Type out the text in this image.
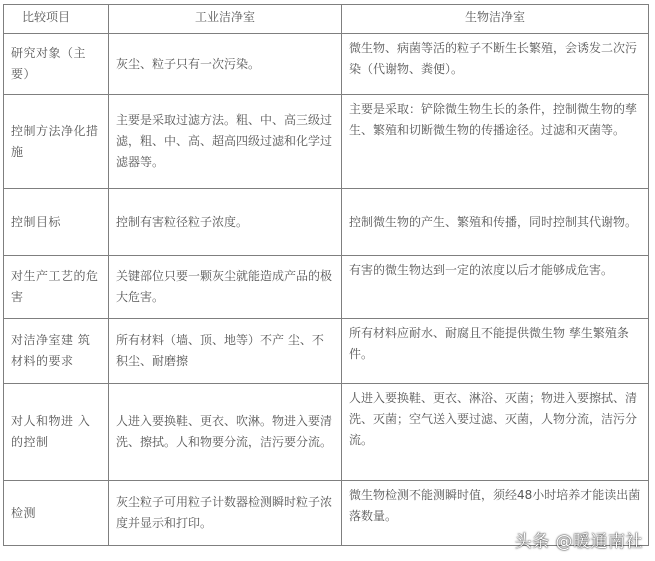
比较项目	工业洁净室	生物洁净室
研究对象（主要）	灰尘、粒子只有一次污染。	微生物、病菌等活的粒子不断生长繁殖，会诱发二次污染（代谢物、粪便）。
控制方法净化措施	主要是采取过滤方法。粗、中、高三级过滤，粗、中、高、超高四级过滤和化学过滤器等。	主要是采取：铲除微生物生长的条件，控制微生物的孳生、繁殖和切断微生物的传播途径。过滤和灭菌等。
控制目标	控制有害粒径粒子浓度。	控制微生物的产生、繁殖和传播，同时控制其代谢物。
对生产工艺的危害	关键部位只要一颗灰尘就能造成产品的极大危害。	有害的微生物达到一定的浓度以后才能够成危害。
对洁净室建 筑材料的要求	所有材料（墙、顶、地等）不产 尘、不积尘、耐磨擦	所有材料应耐水、耐腐且不能提供微生物 孳生繁殖条件。
对人和物进 入的控制	人进入要换鞋、更衣、吹淋。物进入要清洗、擦拭。人和物要分流，洁污要分流。	人进入要换鞋、更衣、淋浴、灭菌；物进入要擦拭、清洗、灭菌；空气送入要过滤、灭菌，人物分流，洁污分流。
检测	灰尘粒子可用粒子计数器检测瞬时粒子浓度并显示和打印。	微生物检测不能测瞬时值，须经48小时培养才能读出菌落数量。
头条 @暖通南社
